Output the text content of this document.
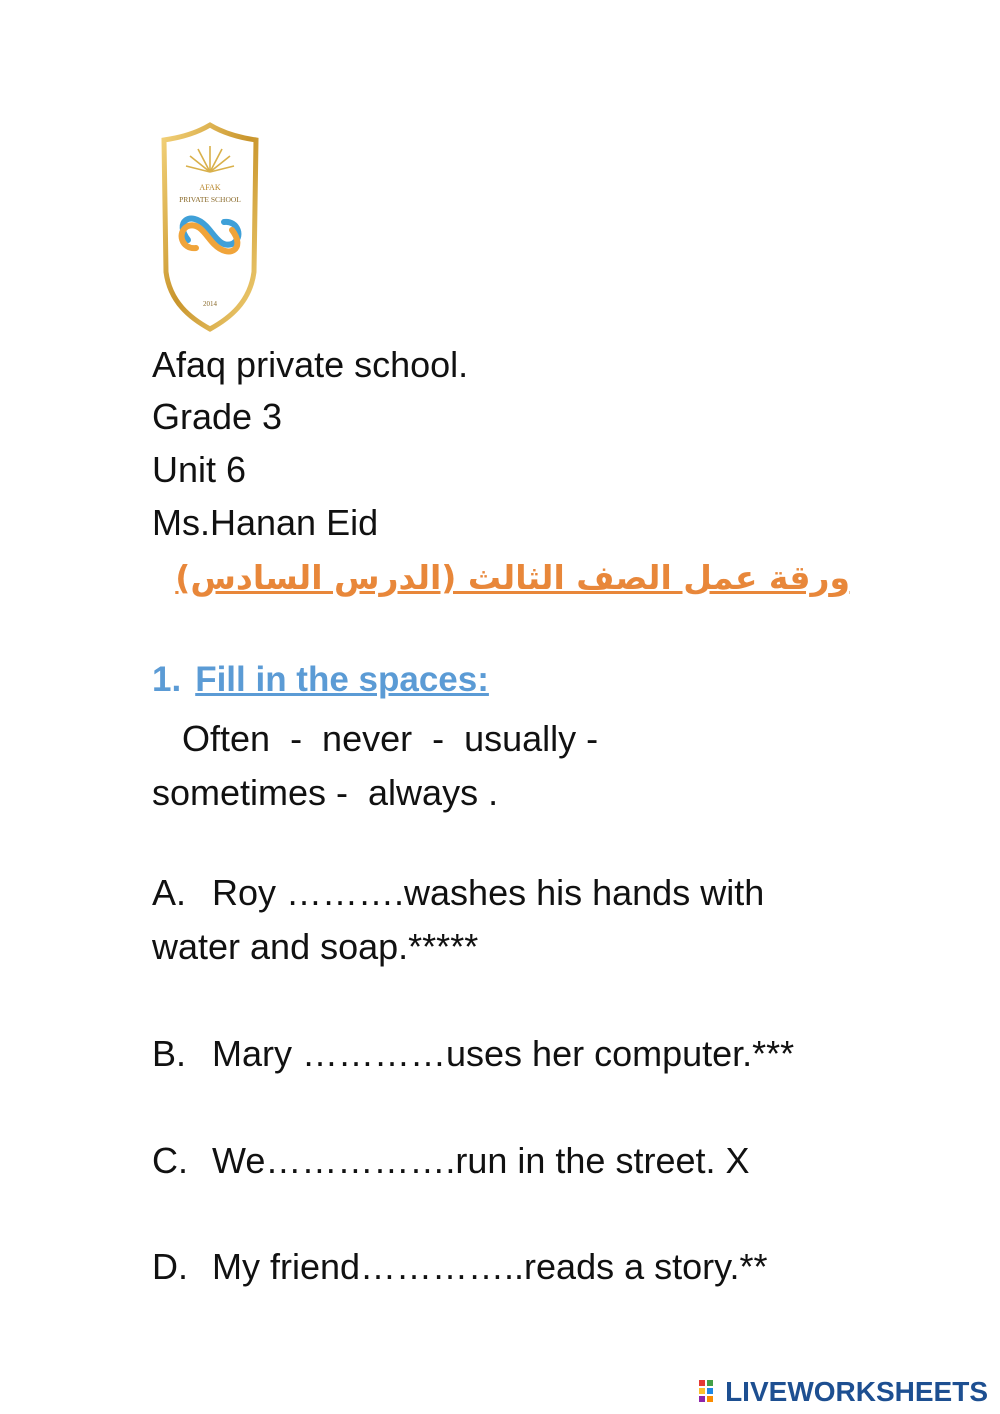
AFAK
PRIVATE SCHOOL
2014
Afaq private school.
Grade 3
Unit 6
Ms.Hanan Eid
ورقة عمل الصف الثالث (الدرس السادس)
1. Fill in the spaces:
Often  -  never  -  usually -
sometimes -  always .
A. Roy ……….washes his hands with water and soap.*****
B. Mary …………uses her computer.***
C. We…………….run in the street. X
D. My friend…………..reads a story.**
LIVEWORKSHEETS
